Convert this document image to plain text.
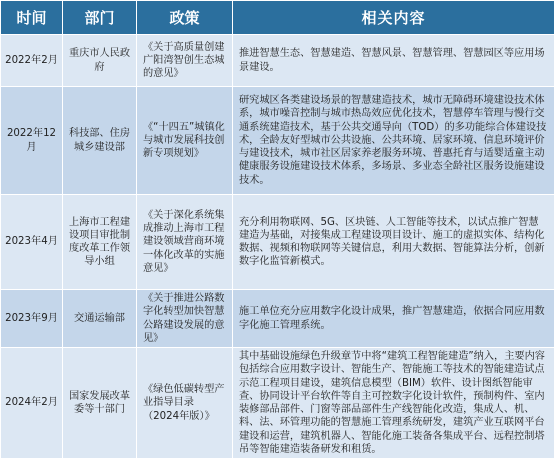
时间	部门	政策	相关内容
2022年2月	重庆市人民政府	《关于高质量创建广阳湾智创生态城的意见》	推进智慧生态、智慧建造、智慧风景、智慧管理、智慧园区等应用场景建设。
2022年12月	科技部、住房城乡建设部	《“十四五”城镇化与城市发展科技创新专项规划》	研究城区各类建设场景的智慧建造技术，城市无障碍环境建设技术体系，城市噪音控制与城市热岛效应优化技术，智慧停车管理与慢行交通系统建造技术，基于公共交通导向（TOD）的多功能综合体建设技术，全龄友好型城市公共设施、公共环境、居家环境、信息环境评价与建设技术，城市社区居家养老服务环境、普惠托育与适婴适童主动健康服务设施建设技术体系，多场景、多业态全龄社区服务设施建设技术。
2023年4月	上海市工程建设项目审批制度改革工作领导小组	《关于深化系统集成推动上海市工程建设领域营商环境一体化改革的实施意见》	充分利用物联网、5G、区块链、人工智能等技术，以试点推广智慧建造为基础，对接集成工程建设项目设计、施工的虚拟实体、结构化数据、视频和物联网等关键信息，利用大数据、智能算法分析，创新数字化监管新模式。
2023年9月	交通运输部	《关于推进公路数字化转型加快智慧公路建设发展的意见》	施工单位充分应用数字化设计成果，推广智慧建造，依据合同应用数字化施工管理系统。
2024年2月	国家发展改革委等十部门	《绿色低碳转型产业指导目录（2024年版）》	其中基础设施绿色升级章节中将“建筑工程智能建造”纳入，主要内容包括综合应用数字设计、智能生产、智能施工等技术的智能建造试点示范工程项目建设，建筑信息模型（BIM）软件、设计图纸智能审查、协同设计平台软件等自主可控数字化设计软件，预制构件、室内装修部品部件、门窗等部品部件生产线智能化改造，集成人、机、料、法、环管理功能的智慧施工管理系统研发，建筑产业互联网平台建设和运营，建筑机器人、智能化施工装备各集成平台、远程控制塔吊等智能建造装备研发和租赁。
